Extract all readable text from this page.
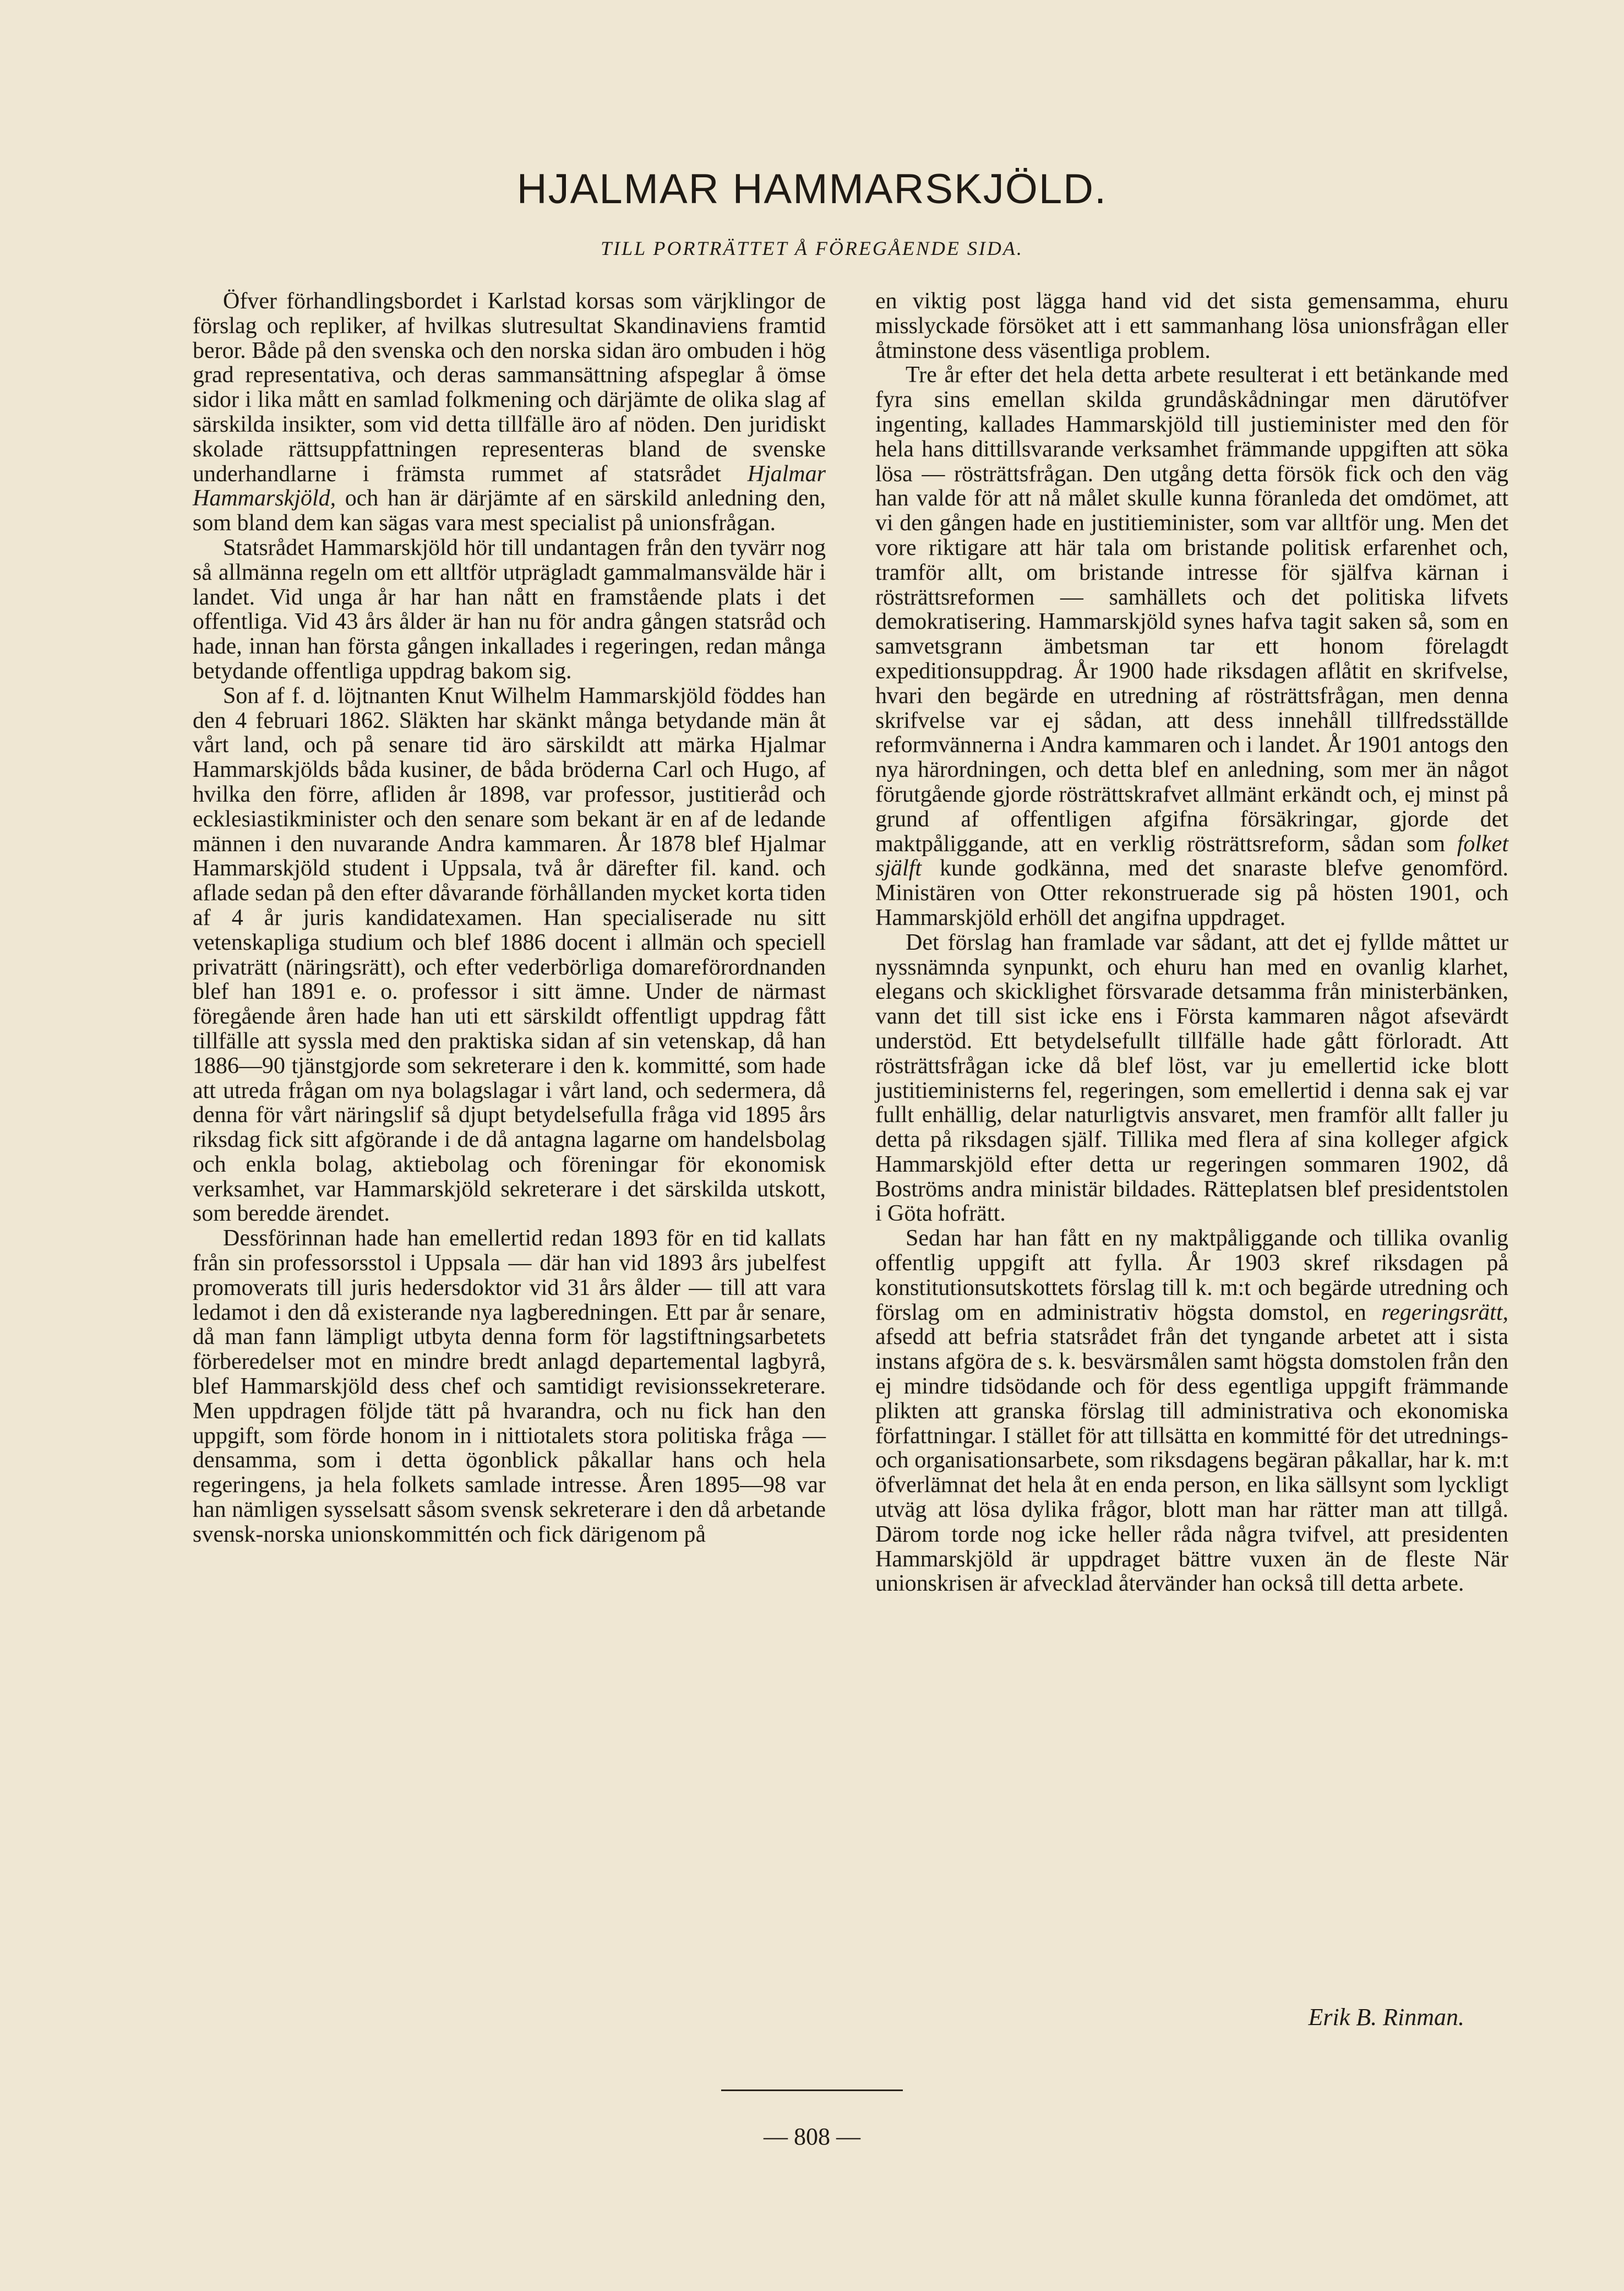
HJALMAR HAMMARSKJÖLD.
TILL PORTRÄTTET Å FÖREGÅENDE SIDA.

Öfver förhandlingsbordet i Karlstad korsas som värjklingor de förslag och repliker, af hvilkas slutresultat Skandinaviens framtid beror. Både på den svenska och den norska sidan äro ombuden i hög grad representativa, och deras sammansättning afspeglar å ömse sidor i lika mått en samlad folkmening och därjämte de olika slag af särskilda insikter, som vid detta tillfälle äro af nöden. Den juridiskt skolade rättsuppfattningen representeras bland de svenske underhandlarne i främsta rummet af statsrådet Hjalmar Hammarskjöld, och han är därjämte af en särskild anledning den, som bland dem kan sägas vara mest specialist på unionsfrågan.

Statsrådet Hammarskjöld hör till undantagen från den tyvärr nog så allmänna regeln om ett alltför utprägladt gammalmansvälde här i landet. Vid unga år har han nått en framstående plats i det offentliga. Vid 43 års ålder är han nu för andra gången statsråd och hade, innan han första gången inkallades i regeringen, redan många betydande offentliga uppdrag bakom sig.

Son af f. d. löjtnanten Knut Wilhelm Hammarskjöld föddes han den 4 februari 1862. Släkten har skänkt många betydande män åt vårt land, och på senare tid äro särskildt att märka Hjalmar Hammarskjölds båda kusiner, de båda bröderna Carl och Hugo, af hvilka den förre, afliden år 1898, var professor, justitieråd och ecklesiastikminister och den senare som bekant är en af de ledande männen i den nuvarande Andra kammaren. År 1878 blef Hjalmar Hammarskjöld student i Uppsala, två år därefter fil. kand. och aflade sedan på den efter dåvarande förhållanden mycket korta tiden af 4 år juris kandidatexamen. Han specialiserade nu sitt vetenskapliga studium och blef 1886 docent i allmän och speciell privaträtt (näringsrätt), och efter vederbörliga domareförordnanden blef han 1891 e. o. professor i sitt ämne. Under de närmast föregående åren hade han uti ett särskildt offentligt uppdrag fått tillfälle att syssla med den praktiska sidan af sin vetenskap, då han 1886—90 tjänstgjorde som sekreterare i den k. kommitté, som hade att utreda frågan om nya bolagslagar i vårt land, och sedermera, då denna för vårt näringslif så djupt betydelsefulla fråga vid 1895 års riksdag fick sitt afgörande i de då antagna lagarne om handelsbolag och enkla bolag, aktiebolag och föreningar för ekonomisk verksamhet, var Hammarskjöld sekreterare i det särskilda utskott, som beredde ärendet.

Dessförinnan hade han emellertid redan 1893 för en tid kallats från sin professorsstol i Uppsala — där han vid 1893 års jubelfest promoverats till juris hedersdoktor vid 31 års ålder — till att vara ledamot i den då existerande nya lagberedningen. Ett par år senare, då man fann lämpligt utbyta denna form för lagstiftningsarbetets förberedelser mot en mindre bredt anlagd departemental lagbyrå, blef Hammarskjöld dess chef och samtidigt revisionssekreterare. Men uppdragen följde tätt på hvarandra, och nu fick han den uppgift, som förde honom in i nittiotalets stora politiska fråga — densamma, som i detta ögonblick påkallar hans och hela regeringens, ja hela folkets samlade intresse. Åren 1895—98 var han nämligen sysselsatt såsom svensk sekreterare i den då arbetande svensk-norska unionskommittén och fick därigenom på

en viktig post lägga hand vid det sista gemensamma, ehuru misslyckade försöket att i ett sammanhang lösa unionsfrågan eller åtminstone dess väsentliga problem.

Tre år efter det hela detta arbete resulterat i ett betänkande med fyra sins emellan skilda grundåskådningar men därutöfver ingenting, kallades Hammarskjöld till justieminister med den för hela hans dittillsvarande verksamhet främmande uppgiften att söka lösa — rösträttsfrågan. Den utgång detta försök fick och den väg han valde för att nå målet skulle kunna föranleda det omdömet, att vi den gången hade en justitieminister, som var alltför ung. Men det vore riktigare att här tala om bristande politisk erfarenhet och, tramför allt, om bristande intresse för själfva kärnan i rösträttsreformen — samhällets och det politiska lifvets demokratisering. Hammarskjöld synes hafva tagit saken så, som en samvetsgrann ämbetsman tar ett honom förelagdt expeditionsuppdrag. År 1900 hade riksdagen aflåtit en skrifvelse, hvari den begärde en utredning af rösträttsfrågan, men denna skrifvelse var ej sådan, att dess innehåll tillfredsställde reformvännerna i Andra kammaren och i landet. År 1901 antogs den nya härordningen, och detta blef en anledning, som mer än något förutgående gjorde rösträttskrafvet allmänt erkändt och, ej minst på grund af offentligen afgifna försäkringar, gjorde det maktpåliggande, att en verklig rösträttsreform, sådan som folket själft kunde godkänna, med det snaraste blefve genomförd. Ministären von Otter rekonstruerade sig på hösten 1901, och Hammarskjöld erhöll det angifna uppdraget.

Det förslag han framlade var sådant, att det ej fyllde måttet ur nyssnämnda synpunkt, och ehuru han med en ovanlig klarhet, elegans och skicklighet försvarade detsamma från ministerbänken, vann det till sist icke ens i Första kammaren något afsevärdt understöd. Ett betydelsefullt tillfälle hade gått förloradt. Att rösträttsfrågan icke då blef löst, var ju emellertid icke blott justitieministerns fel, regeringen, som emellertid i denna sak ej var fullt enhällig, delar naturligtvis ansvaret, men framför allt faller ju detta på riksdagen själf. Tillika med flera af sina kolleger afgick Hammarskjöld efter detta ur regeringen sommaren 1902, då Boströms andra ministär bildades. Rätteplatsen blef presidentstolen i Göta hofrätt.

Sedan har han fått en ny maktpåliggande och tillika ovanlig offentlig uppgift att fylla. År 1903 skref riksdagen på konstitutionsutskottets förslag till k. m:t och begärde utredning och förslag om en administrativ högsta domstol, en regeringsrätt, afsedd att befria statsrådet från det tyngande arbetet att i sista instans afgöra de s. k. besvärsmålen samt högsta domstolen från den ej mindre tidsödande och för dess egentliga uppgift främmande plikten att granska förslag till administrativa och ekonomiska författningar. I stället för att tillsätta en kommitté för det utrednings- och organisationsarbete, som riksdagens begäran påkallar, har k. m:t öfverlämnat det hela åt en enda person, en lika sällsynt som lyckligt utväg att lösa dylika frågor, blott man har rätter man att tillgå. Därom torde nog icke heller råda några tvifvel, att presidenten Hammarskjöld är uppdraget bättre vuxen än de fleste När unionskrisen är afvecklad återvänder han också till detta arbete.

Erik B. Rinman.
— 808 —
